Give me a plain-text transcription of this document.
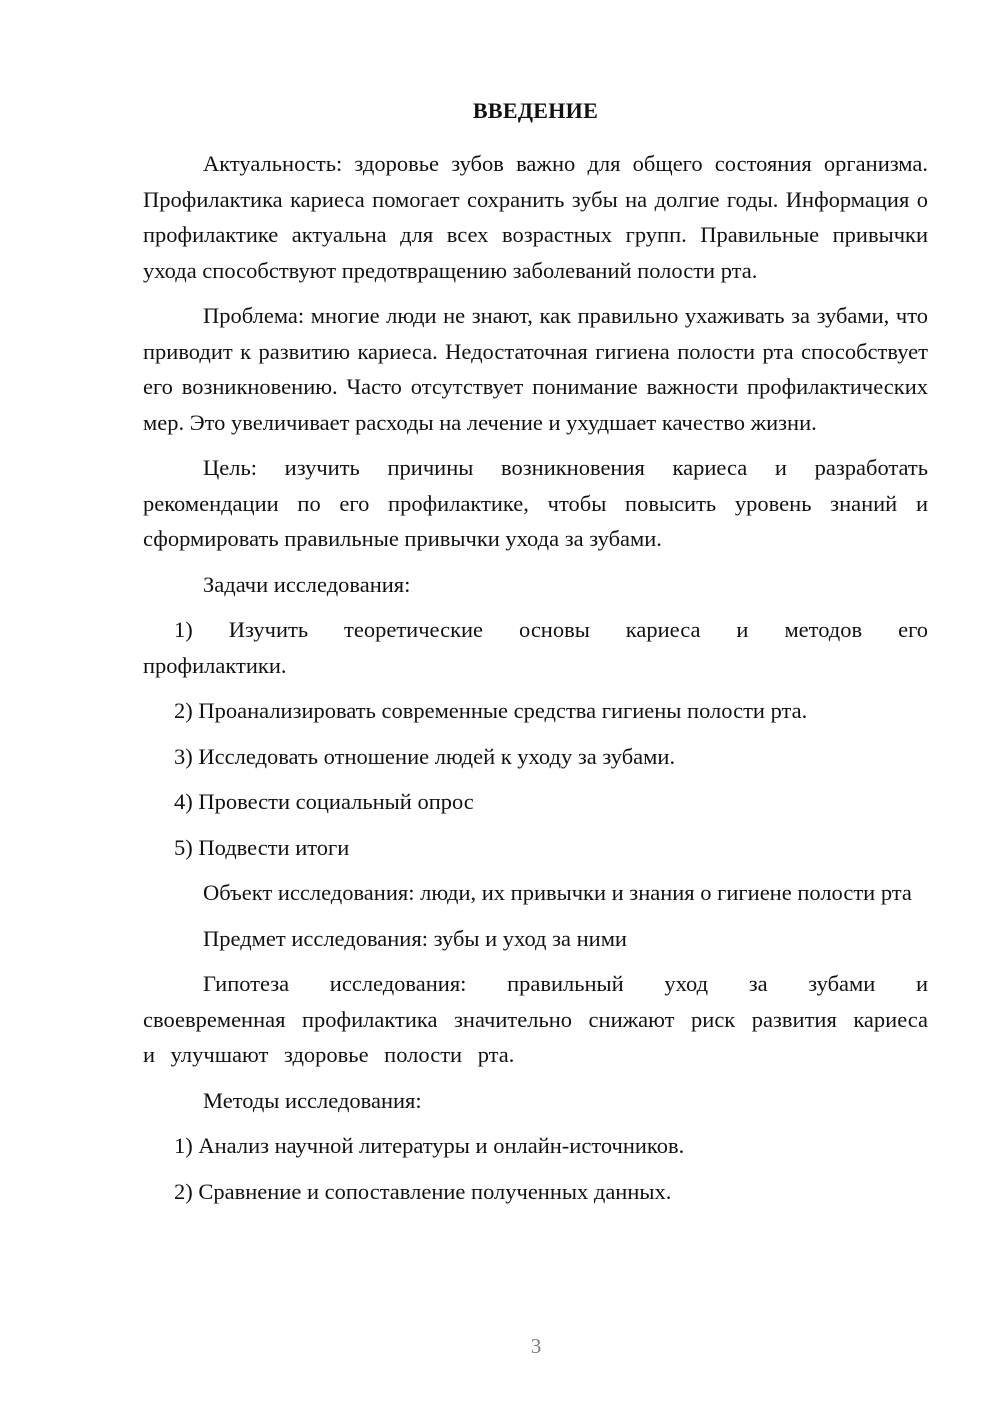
ВВЕДЕНИЕ

Актуальность: здоровье зубов важно для общего состояния организма. Профилактика кариеса помогает сохранить зубы на долгие годы. Информация о профилактике актуальна для всех возрастных групп. Правильные привычки ухода способствуют предотвращению заболеваний полости рта.

Проблема: многие люди не знают, как правильно ухаживать за зубами, что приводит к развитию кариеса. Недостаточная гигиена полости рта способствует его возникновению. Часто отсутствует понимание важности профилактических мер. Это увеличивает расходы на лечение и ухудшает качество жизни.

Цель: изучить причины возникновения кариеса и разработать рекомендации по его профилактике, чтобы повысить уровень знаний и сформировать правильные привычки ухода за зубами.

Задачи исследования:

1) Изучить теоретические основы кариеса и методов его профилактики.

2) Проанализировать современные средства гигиены полости рта.

3) Исследовать отношение людей к уходу за зубами.

4) Провести социальный опрос

5) Подвести итоги

Объект исследования: люди, их привычки и знания о гигиене полости рта

Предмет исследования: зубы и уход за ними

Гипотеза исследования: правильный уход за зубами и своевременная профилактика значительно снижают риск развития кариеса и улучшают здоровье полости рта.

Методы исследования:

1) Анализ научной литературы и онлайн-источников.

2) Сравнение и сопоставление полученных данных.

3
